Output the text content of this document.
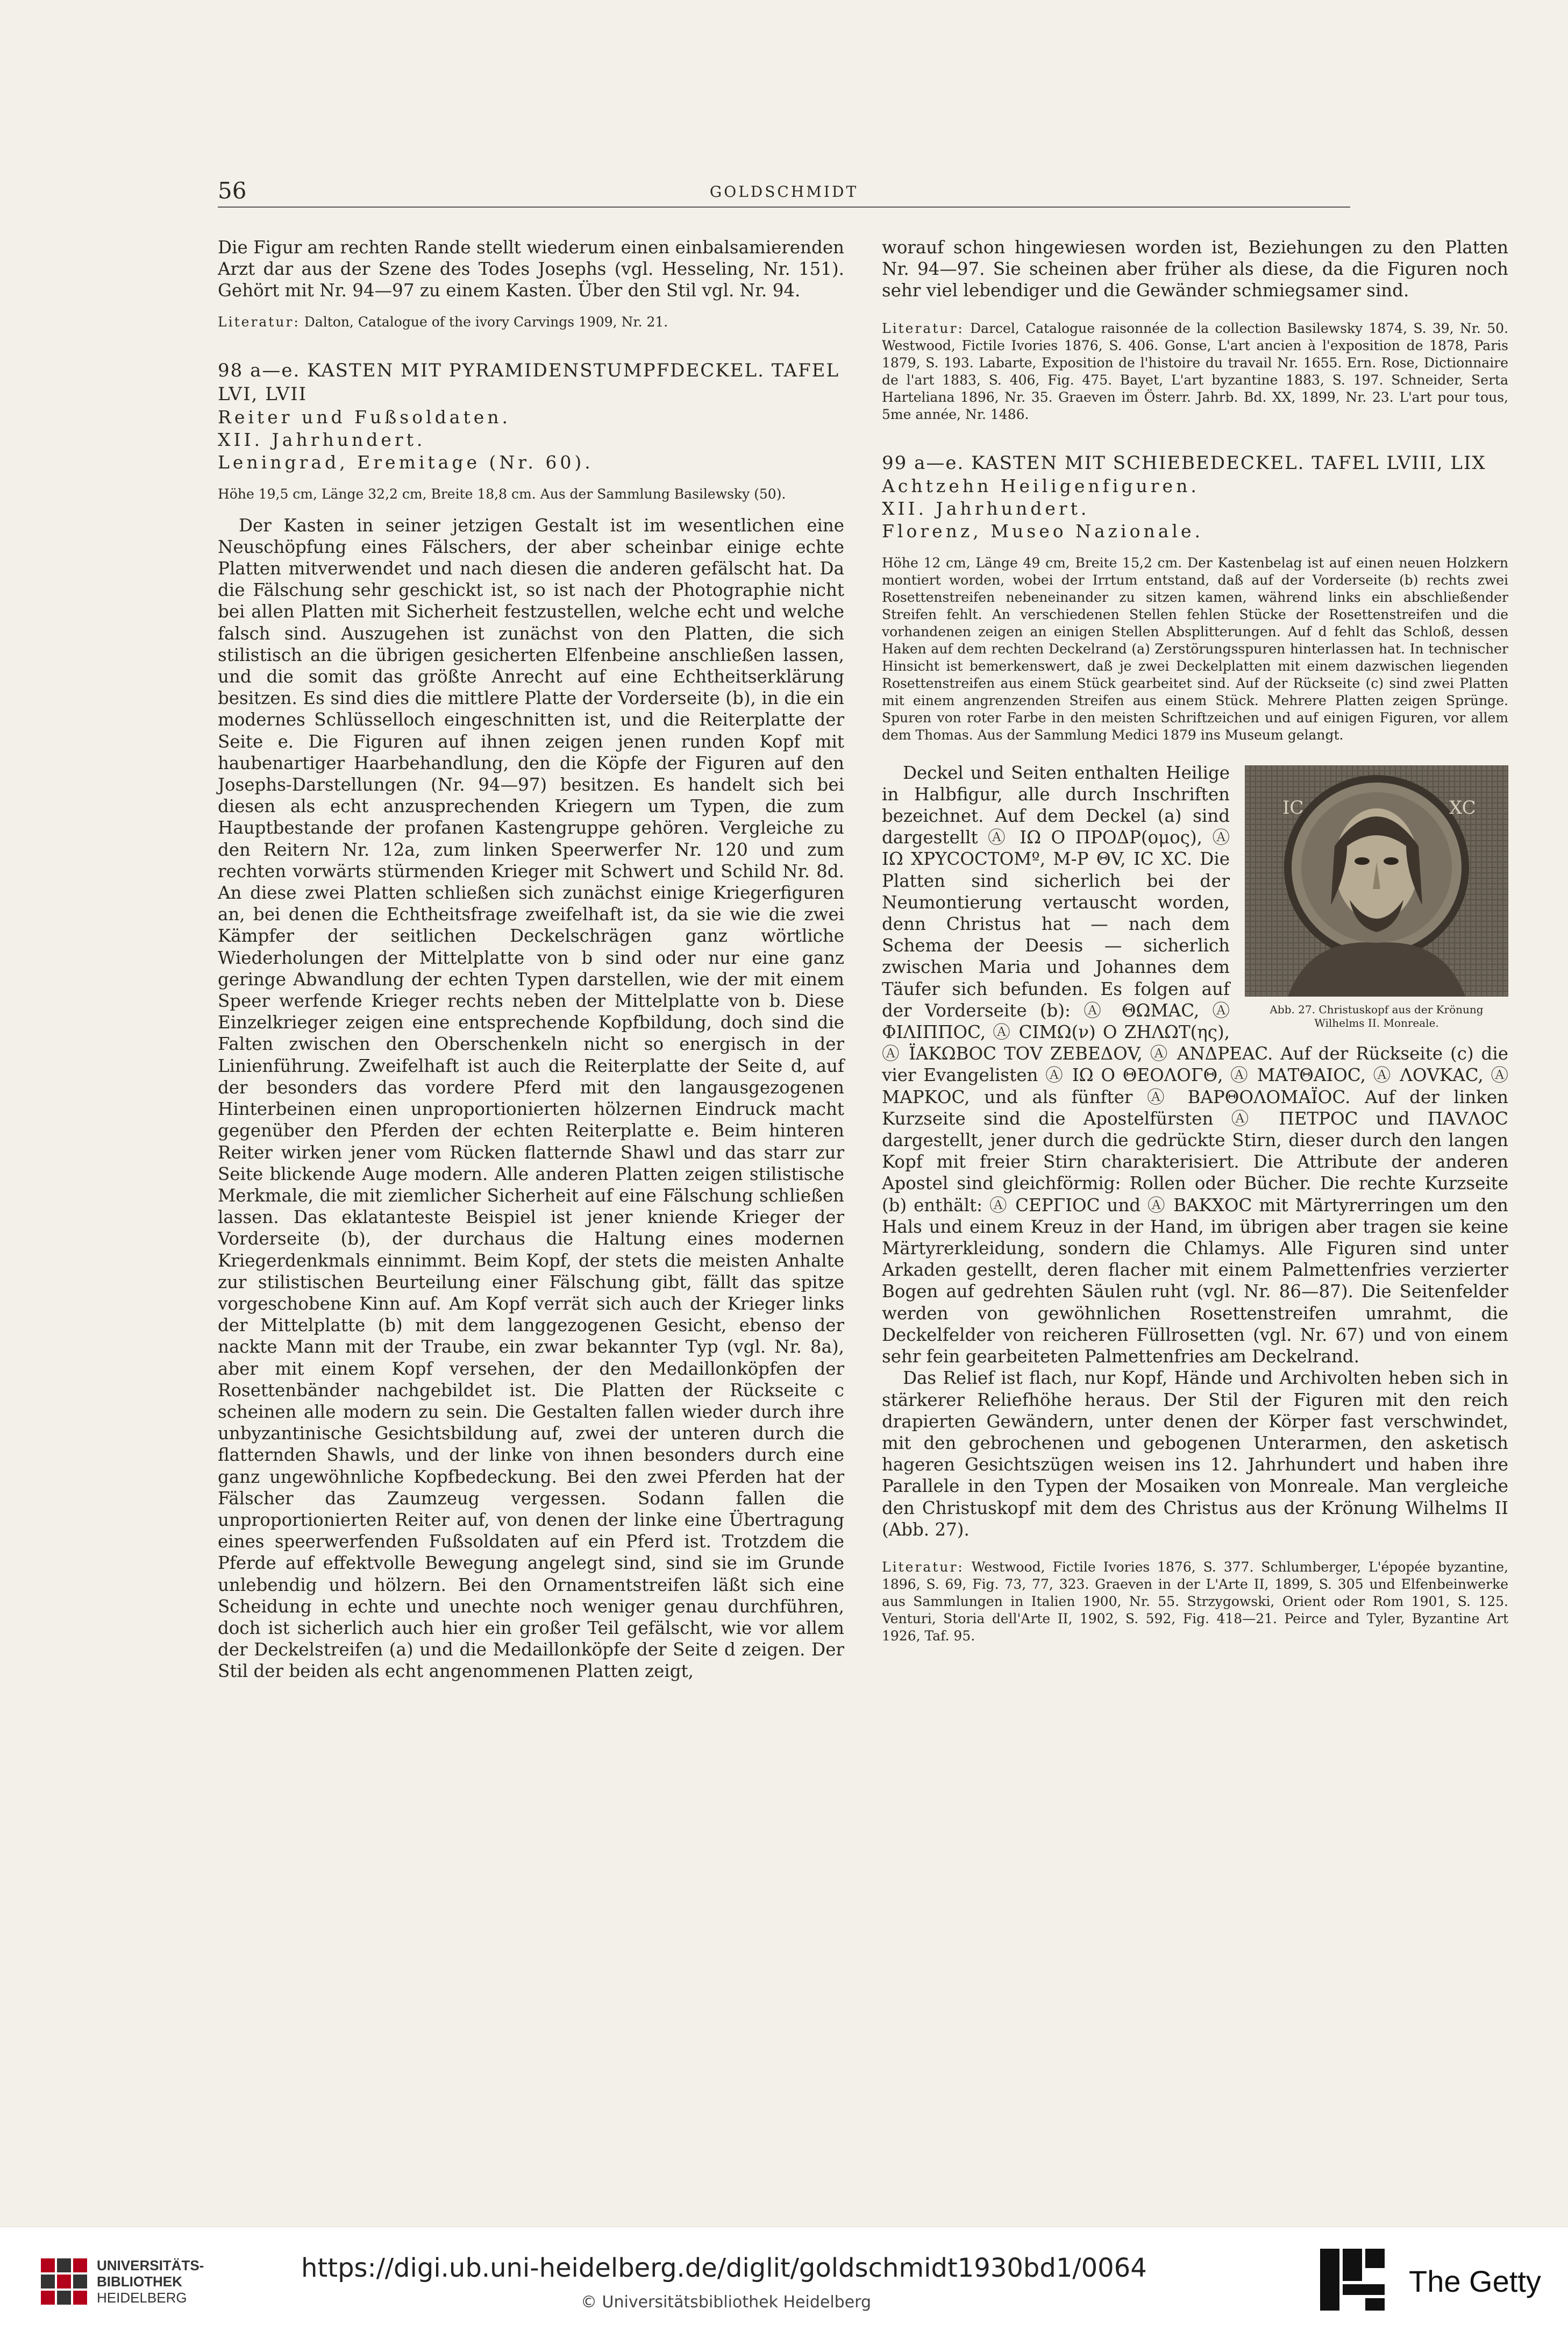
56	GOLDSCHMIDT

Die Figur am rechten Rande stellt wiederum einen einbalsamierenden Arzt dar aus der Szene des Todes Josephs (vgl. Hesseling, Nr. 151). Gehört mit Nr. 94—97 zu einem Kasten. Über den Stil vgl. Nr. 94.

Literatur: Dalton, Catalogue of the ivory Carvings 1909, Nr. 21.

98 a—e. KASTEN MIT PYRAMIDENSTUMPFDECKEL. TAFEL LVI, LVII

Reiter und Fußsoldaten.

XII. Jahrhundert.

Leningrad, Eremitage (Nr. 60).

Höhe 19,5 cm, Länge 32,2 cm, Breite 18,8 cm. Aus der Sammlung Basilewsky (50).

Der Kasten in seiner jetzigen Gestalt ist im wesentlichen eine Neuschöpfung eines Fälschers, der aber scheinbar einige echte Platten mitverwendet und nach diesen die anderen gefälscht hat. Da die Fälschung sehr geschickt ist, so ist nach der Photographie nicht bei allen Platten mit Sicherheit festzustellen, welche echt und welche falsch sind. Auszugehen ist zunächst von den Platten, die sich stilistisch an die übrigen gesicherten Elfenbeine anschließen lassen, und die somit das größte Anrecht auf eine Echtheitserklärung besitzen. Es sind dies die mittlere Platte der Vorderseite (b), in die ein modernes Schlüsselloch eingeschnitten ist, und die Reiterplatte der Seite e. Die Figuren auf ihnen zeigen jenen runden Kopf mit haubenartiger Haarbehandlung, den die Köpfe der Figuren auf den Josephs-Darstellungen (Nr. 94—97) besitzen. Es handelt sich bei diesen als echt anzusprechenden Kriegern um Typen, die zum Hauptbestande der profanen Kastengruppe gehören. Vergleiche zu den Reitern Nr. 12a, zum linken Speerwerfer Nr. 120 und zum rechten vorwärts stürmenden Krieger mit Schwert und Schild Nr. 8d. An diese zwei Platten schließen sich zunächst einige Kriegerfiguren an, bei denen die Echtheitsfrage zweifelhaft ist, da sie wie die zwei Kämpfer der seitlichen Deckelschrägen ganz wörtliche Wiederholungen der Mittelplatte von b sind oder nur eine ganz geringe Abwandlung der echten Typen darstellen, wie der mit einem Speer werfende Krieger rechts neben der Mittelplatte von b. Diese Einzelkrieger zeigen eine entsprechende Kopfbildung, doch sind die Falten zwischen den Oberschenkeln nicht so energisch in der Linienführung. Zweifelhaft ist auch die Reiterplatte der Seite d, auf der besonders das vordere Pferd mit den langausgezogenen Hinterbeinen einen unproportionierten hölzernen Eindruck macht gegenüber den Pferden der echten Reiterplatte e. Beim hinteren Reiter wirken jener vom Rücken flatternde Shawl und das starr zur Seite blickende Auge modern. Alle anderen Platten zeigen stilistische Merkmale, die mit ziemlicher Sicherheit auf eine Fälschung schließen lassen. Das eklatanteste Beispiel ist jener kniende Krieger der Vorderseite (b), der durchaus die Haltung eines modernen Kriegerdenkmals einnimmt. Beim Kopf, der stets die meisten Anhalte zur stilistischen Beurteilung einer Fälschung gibt, fällt das spitze vorgeschobene Kinn auf. Am Kopf verrät sich auch der Krieger links der Mittelplatte (b) mit dem langgezogenen Gesicht, ebenso der nackte Mann mit der Traube, ein zwar bekannter Typ (vgl. Nr. 8a), aber mit einem Kopf versehen, der den Medaillonköpfen der Rosettenbänder nachgebildet ist. Die Platten der Rückseite c scheinen alle modern zu sein. Die Gestalten fallen wieder durch ihre unbyzantinische Gesichtsbildung auf, zwei der unteren durch die flatternden Shawls, und der linke von ihnen besonders durch eine ganz ungewöhnliche Kopfbedeckung. Bei den zwei Pferden hat der Fälscher das Zaumzeug vergessen. Sodann fallen die unproportionierten Reiter auf, von denen der linke eine Übertragung eines speerwerfenden Fußsoldaten auf ein Pferd ist. Trotzdem die Pferde auf effektvolle Bewegung angelegt sind, sind sie im Grunde unlebendig und hölzern. Bei den Ornamentstreifen läßt sich eine Scheidung in echte und unechte noch weniger genau durchführen, doch ist sicherlich auch hier ein großer Teil gefälscht, wie vor allem der Deckelstreifen (a) und die Medaillonköpfe der Seite d zeigen. Der Stil der beiden als echt angenommenen Platten zeigt,

worauf schon hingewiesen worden ist, Beziehungen zu den Platten Nr. 94—97. Sie scheinen aber früher als diese, da die Figuren noch sehr viel lebendiger und die Gewänder schmiegsamer sind.

Literatur: Darcel, Catalogue raisonnée de la collection Basilewsky 1874, S. 39, Nr. 50. Westwood, Fictile Ivories 1876, S. 406. Gonse, L'art ancien à l'exposition de 1878, Paris 1879, S. 193. Labarte, Exposition de l'histoire du travail Nr. 1655. Ern. Rose, Dictionnaire de l'art 1883, S. 406, Fig. 475. Bayet, L'art byzantine 1883, S. 197. Schneider, Serta Harteliana 1896, Nr. 35. Graeven im Österr. Jahrb. Bd. XX, 1899, Nr. 23. L'art pour tous, 5me année, Nr. 1486.

99 a—e. KASTEN MIT SCHIEBEDECKEL. TAFEL LVIII, LIX

Achtzehn Heiligenfiguren.

XII. Jahrhundert.

Florenz, Museo Nazionale.

Höhe 12 cm, Länge 49 cm, Breite 15,2 cm. Der Kastenbelag ist auf einen neuen Holzkern montiert worden, wobei der Irrtum entstand, daß auf der Vorderseite (b) rechts zwei Rosettenstreifen nebeneinander zu sitzen kamen, während links ein abschließender Streifen fehlt. An verschiedenen Stellen fehlen Stücke der Rosettenstreifen und die vorhandenen zeigen an einigen Stellen Absplitterungen. Auf d fehlt das Schloß, dessen Haken auf dem rechten Deckelrand (a) Zerstörungsspuren hinterlassen hat. In technischer Hinsicht ist bemerkenswert, daß je zwei Deckelplatten mit einem dazwischen liegenden Rosettenstreifen aus einem Stück gearbeitet sind. Auf der Rückseite (c) sind zwei Platten mit einem angrenzenden Streifen aus einem Stück. Mehrere Platten zeigen Sprünge. Spuren von roter Farbe in den meisten Schriftzeichen und auf einigen Figuren, vor allem dem Thomas. Aus der Sammlung Medici 1879 ins Museum gelangt.

IC	XC
Abb. 27. Christuskopf aus der Krönung Wilhelms II. Monreale.

Deckel und Seiten enthalten Heilige in Halbfigur, alle durch Inschriften bezeichnet. Auf dem Deckel (a) sind dargestellt Ⓐ ΙΩ Ο ΠΡΟΔΡ(ομος), Ⓐ ΙΩ ΧΡΥCΟCΤΟΜº, Μ-Ρ ΘV, ΙC ΧC. Die Platten sind sicherlich bei der Neumontierung vertauscht worden, denn Christus hat — nach dem Schema der Deesis — sicherlich zwischen Maria und Johannes dem Täufer sich befunden. Es folgen auf der Vorderseite (b): Ⓐ ΘΩΜΑC, Ⓐ ΦΙΛΙΠΠΟC, Ⓐ CΙΜΩ(ν) Ο ΖΗΛΩΤ(ης), Ⓐ ΪΑΚΩΒΟC ΤΟV ΖΕΒΕΔΟV, Ⓐ ΑΝΔΡΕΑC. Auf der Rückseite (c) die vier Evangelisten Ⓐ ΙΩ Ο ΘΕΟΛΟΓΘ, Ⓐ ΜΑΤΘΑΙΟC, Ⓐ ΛΟVΚΑC, Ⓐ ΜΑΡΚΟC, und als fünfter Ⓐ ΒΑΡΘΟΛΟΜΑΪΟC. Auf der linken Kurzseite sind die Apostelfürsten Ⓐ ΠΕΤΡΟC und ΠΑVΛΟC dargestellt, jener durch die gedrückte Stirn, dieser durch den langen Kopf mit freier Stirn charakterisiert. Die Attribute der anderen Apostel sind gleichförmig: Rollen oder Bücher. Die rechte Kurzseite (b) enthält: Ⓐ CΕΡΓΙΟC und Ⓐ ΒΑΚΧΟC mit Märtyrerringen um den Hals und einem Kreuz in der Hand, im übrigen aber tragen sie keine Märtyrerkleidung, sondern die Chlamys. Alle Figuren sind unter Arkaden gestellt, deren flacher mit einem Palmettenfries verzierter Bogen auf gedrehten Säulen ruht (vgl. Nr. 86—87). Die Seitenfelder werden von gewöhnlichen Rosettenstreifen umrahmt, die Deckelfelder von reicheren Füllrosetten (vgl. Nr. 67) und von einem sehr fein gearbeiteten Palmettenfries am Deckelrand.

Das Relief ist flach, nur Kopf, Hände und Archivolten heben sich in stärkerer Reliefhöhe heraus. Der Stil der Figuren mit den reich drapierten Gewändern, unter denen der Körper fast verschwindet, mit den gebrochenen und gebogenen Unterarmen, den asketisch hageren Gesichtszügen weisen ins 12. Jahrhundert und haben ihre Parallele in den Typen der Mosaiken von Monreale. Man vergleiche den Christuskopf mit dem des Christus aus der Krönung Wilhelms II (Abb. 27).

Literatur: Westwood, Fictile Ivories 1876, S. 377. Schlumberger, L'épopée byzantine, 1896, S. 69, Fig. 73, 77, 323. Graeven in der L'Arte II, 1899, S. 305 und Elfenbeinwerke aus Sammlungen in Italien 1900, Nr. 55. Strzygowski, Orient oder Rom 1901, S. 125. Venturi, Storia dell'Arte II, 1902, S. 592, Fig. 418—21. Peirce and Tyler, Byzantine Art 1926, Taf. 95.

UNIVERSITÄTS-
BIBLIOTHEK
HEIDELBERG
https://digi.ub.uni-heidelberg.de/diglit/goldschmidt1930bd1/0064
© Universitätsbibliothek Heidelberg
The Getty
